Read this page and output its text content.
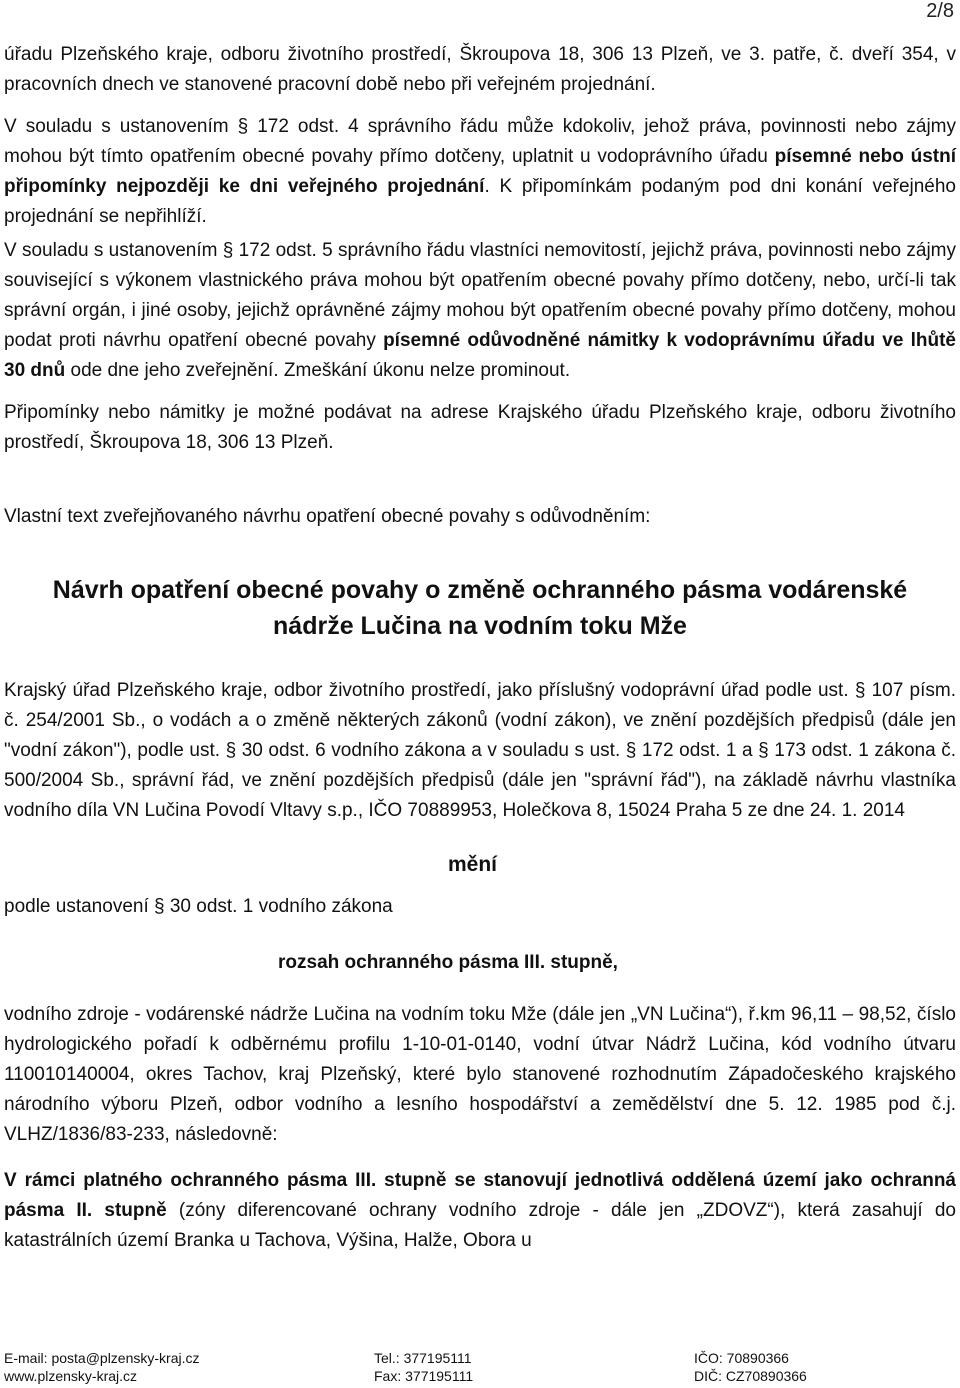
2/8

úřadu Plzeňského kraje, odboru životního prostředí, Škroupova 18, 306 13 Plzeň, ve 3. patře, č. dveří 354, v pracovních dnech ve stanovené pracovní době nebo při veřejném projednání.

V souladu s ustanovením § 172 odst. 4 správního řádu může kdokoliv, jehož práva, povinnosti nebo zájmy mohou být tímto opatřením obecné povahy přímo dotčeny, uplatnit u vodoprávního úřadu písemné nebo ústní připomínky nejpozději ke dni veřejného projednání. K připomínkám podaným pod dni konání veřejného projednání se nepřihlíží.

V souladu s ustanovením § 172 odst. 5 správního řádu vlastníci nemovitostí, jejichž práva, povinnosti nebo zájmy související s výkonem vlastnického práva mohou být opatřením obecné povahy přímo dotčeny, nebo, určí-li tak správní orgán, i jiné osoby, jejichž oprávněné zájmy mohou být opatřením obecné povahy přímo dotčeny, mohou podat proti návrhu opatření obecné povahy písemné odůvodněné námitky k vodoprávnímu úřadu ve lhůtě 30 dnů ode dne jeho zveřejnění. Zmeškání úkonu nelze prominout.

Připomínky nebo námitky je možné podávat na adrese Krajského úřadu Plzeňského kraje, odboru životního prostředí, Škroupova 18, 306 13 Plzeň.

Vlastní text zveřejňovaného návrhu opatření obecné povahy s odůvodněním:

Návrh opatření obecné povahy o změně ochranného pásma vodárenské
nádrže Lučina na vodním toku Mže

Krajský úřad Plzeňského kraje, odbor životního prostředí, jako příslušný vodoprávní úřad podle ust. § 107 písm. č. 254/2001 Sb., o vodách a o změně některých zákonů (vodní zákon), ve znění pozdějších předpisů (dále jen "vodní zákon"), podle ust. § 30 odst. 6 vodního zákona a v souladu s ust. § 172 odst. 1 a § 173 odst. 1 zákona č. 500/2004 Sb., správní řád, ve znění pozdějších předpisů (dále jen "správní řád"), na základě návrhu vlastníka vodního díla VN Lučina Povodí Vltavy s.p., IČO 70889953, Holečkova 8, 15024 Praha 5 ze dne 24. 1. 2014

mění

podle ustanovení § 30 odst. 1 vodního zákona

rozsah ochranného pásma III. stupně,

vodního zdroje - vodárenské nádrže Lučina na vodním toku Mže (dále jen „VN Lučina“), ř.km 96,11 – 98,52, číslo hydrologického pořadí k odběrnému profilu 1-10-01-0140, vodní útvar Nádrž Lučina, kód vodního útvaru 110010140004, okres Tachov, kraj Plzeňský, které bylo stanovené rozhodnutím Západočeského krajského národního výboru Plzeň, odbor vodního a lesního hospodářství a zemědělství dne 5. 12. 1985 pod č.j. VLHZ/1836/83-233, následovně:

V rámci platného ochranného pásma III. stupně se stanovují jednotlivá oddělená území jako ochranná pásma II. stupně (zóny diferencované ochrany vodního zdroje - dále jen „ZDOVZ“), která zasahují do katastrálních území Branka u Tachova, Výšina, Halže, Obora u

E-mail: posta@plzensky-kraj.cz
www.plzensky-kraj.cz
Tel.: 377195111
Fax: 377195111
IČO: 70890366
DIČ: CZ70890366
